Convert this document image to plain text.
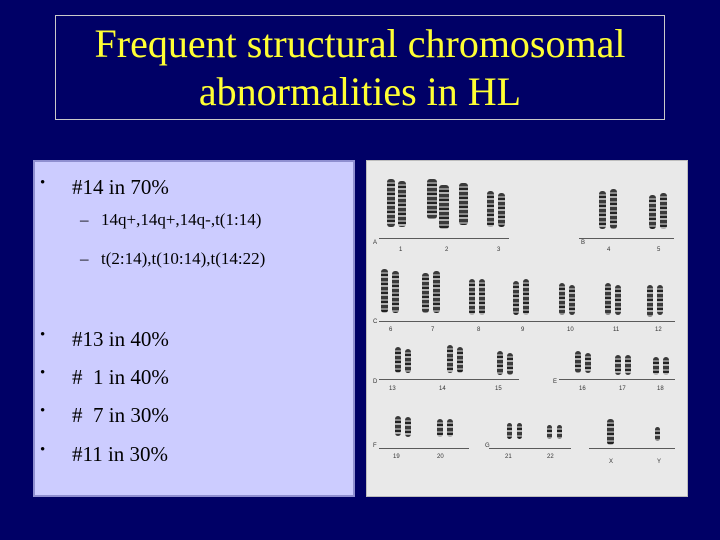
Frequent structural chromosomal
abnormalities in HL
• #14 in 70%
– 14q+,14q+,14q-,t(1:14)
– t(2:14),t(10:14),t(14:22)
• #13 in 40%
• #  1 in 40%
• #  7 in 30%
• #11 in 30%
A
1	2	3
B
4	5
C
6	7	8	9	10	11	12
D
13	14	15
E
16	17	18
F
19	20
G
21	22
X	Y
